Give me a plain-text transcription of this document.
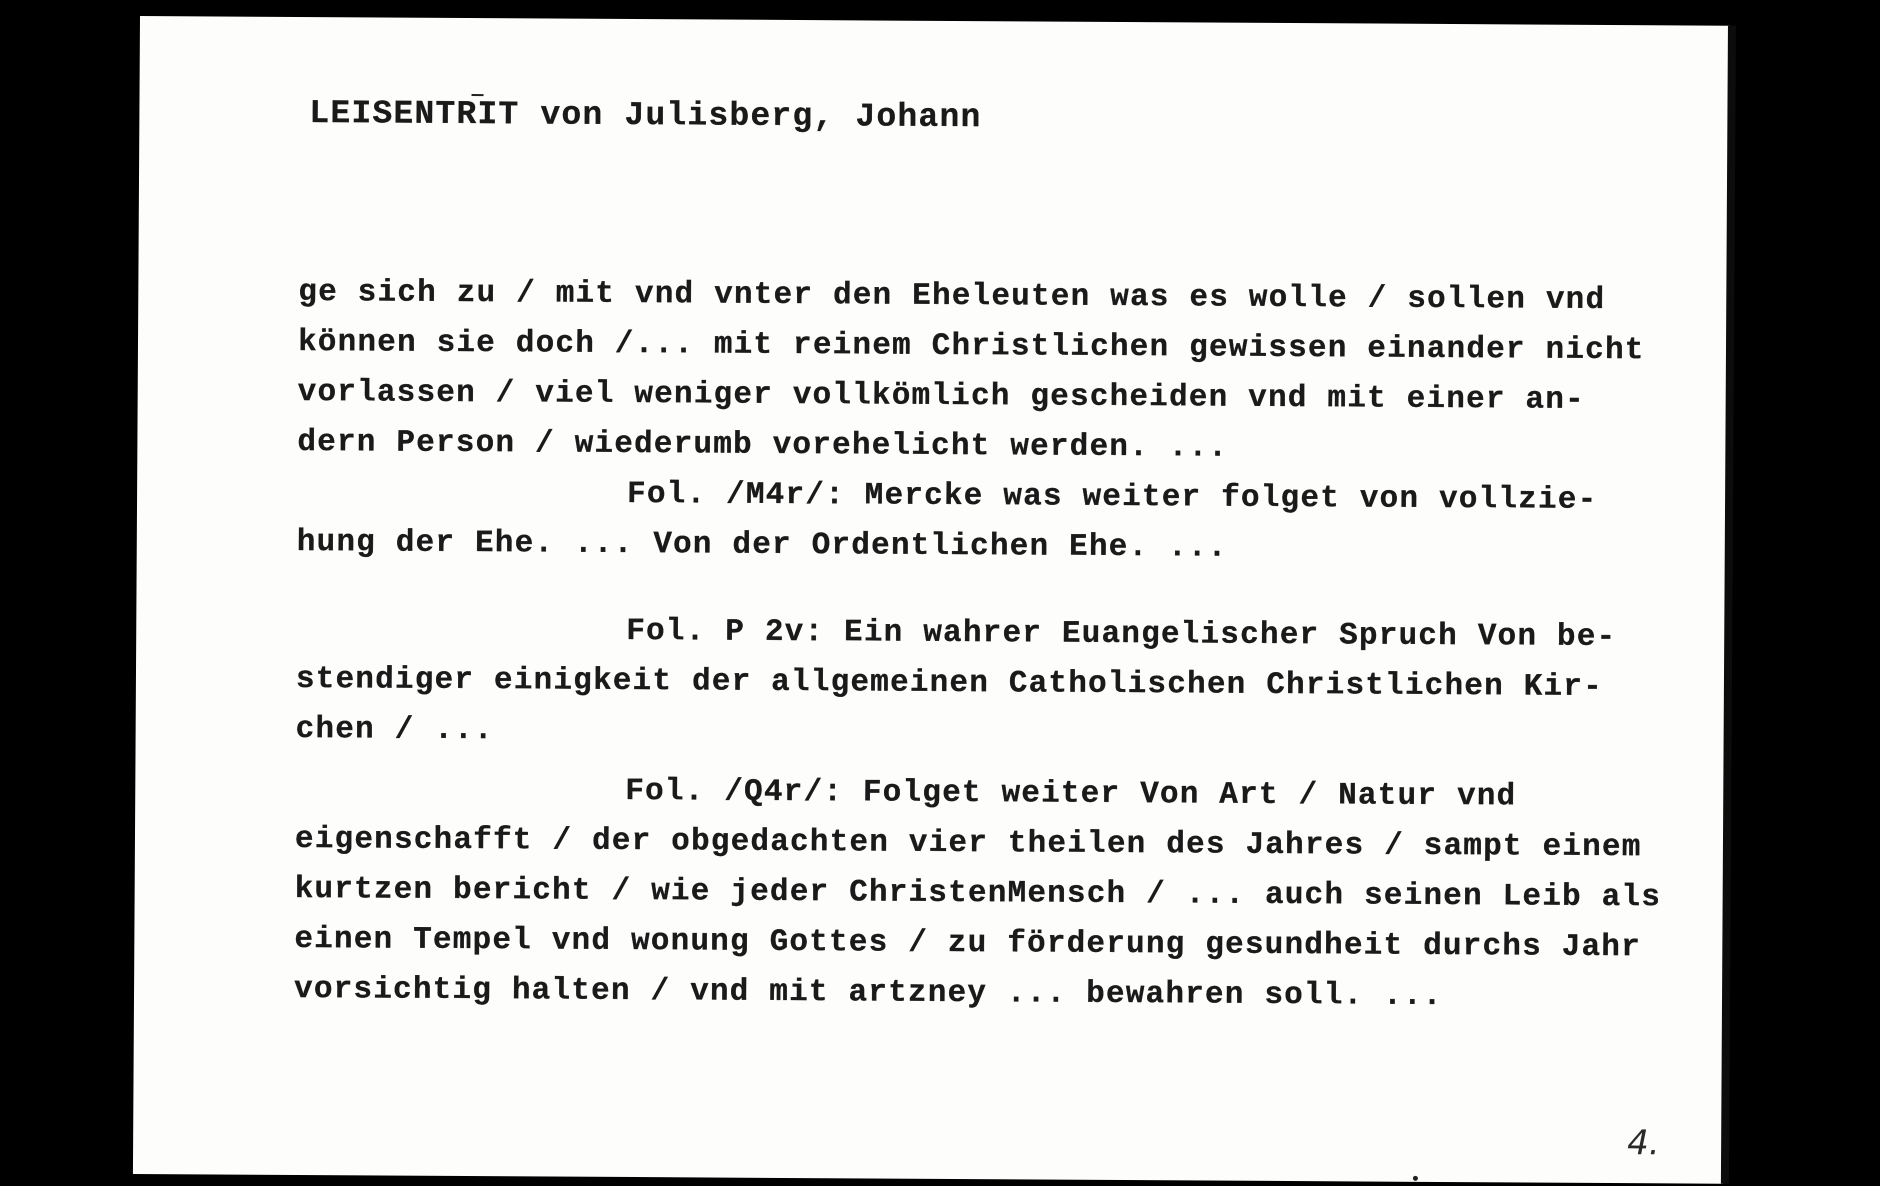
LEISENTRIT von Julisberg, Johann
ge sich zu / mit vnd vnter den Eheleuten was es wolle / sollen vnd
können sie doch /... mit reinem Christlichen gewissen einander nicht
vorlassen / viel weniger vollkömlich gescheiden vnd mit einer an-
dern Person / wiederumb vorehelicht werden. ...
Fol. /M4r/: Mercke was weiter folget von vollzie-
hung der Ehe. ... Von der Ordentlichen Ehe. ...
Fol. P 2v: Ein wahrer Euangelischer Spruch Von be-
stendiger einigkeit der allgemeinen Catholischen Christlichen Kir-
chen / ...
Fol. /Q4r/: Folget weiter Von Art / Natur vnd
eigenschafft / der obgedachten vier theilen des Jahres / sampt einem
kurtzen bericht / wie jeder ChristenMensch / ... auch seinen Leib als
einen Tempel vnd wonung Gottes / zu förderung gesundheit durchs Jahr
vorsichtig halten / vnd mit artzney ... bewahren soll. ...
4.
